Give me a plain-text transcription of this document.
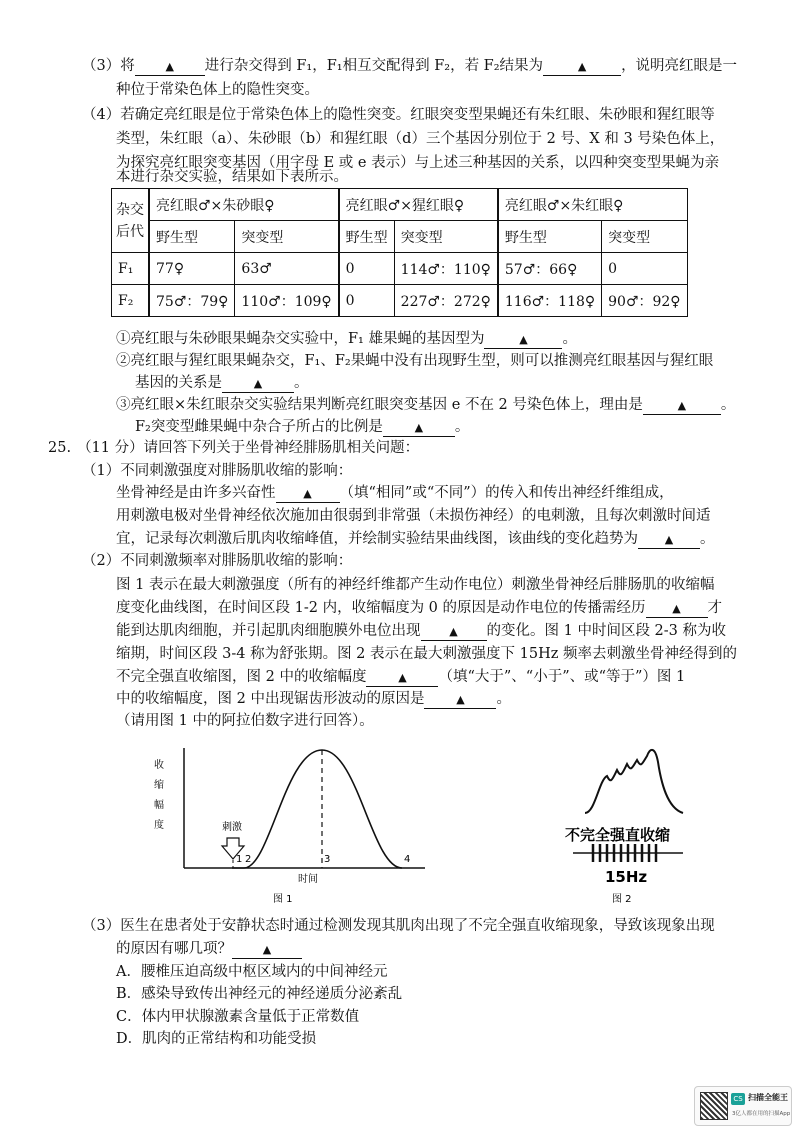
（3）将	▲ 进行杂交得到 F₁，F₁相互交配得到 F₂，若 F₂结果为	▲ ，说明亮红眼是一
种位于常染色体上的隐性突变。
（4）若确定亮红眼是位于常染色体上的隐性突变。红眼突变型果蝇还有朱红眼、朱砂眼和猩红眼等
类型，朱红眼（a）、朱砂眼（b）和猩红眼（d）三个基因分别位于 2 号、X 和 3 号染色体上，
为探究亮红眼突变基因（用字母 E 或 e 表示）与上述三种基因的关系，以四种突变型果蝇为亲
本进行杂交实验，结果如下表所示。
杂交
后代	亮红眼♂×朱砂眼♀		亮红眼♂×猩红眼♀		亮红眼♂×朱红眼♀	
	野生型	突变型	野生型	突变型	野生型	突变型
F₁	77♀	63♂	0	114♂：110♀	57♂：66♀	0
F₂	75♂：79♀	110♂：109♀	0	227♂：272♀	116♂：118♀	90♂：92♀
①亮红眼与朱砂眼果蝇杂交实验中，F₁ 雄果蝇的基因型为	▲ 。
②亮红眼与猩红眼果蝇杂交，F₁、F₂果蝇中没有出现野生型，则可以推测亮红眼基因与猩红眼
基因的关系是	▲ 。
③亮红眼×朱红眼杂交实验结果判断亮红眼突变基因 e 不在 2 号染色体上，理由是	▲ 。
F₂突变型雌果蝇中杂合子所占的比例是	▲ 。
25. （11 分）请回答下列关于坐骨神经腓肠肌相关问题：
（1）不同刺激强度对腓肠肌收缩的影响：
坐骨神经是由许多兴奋性	▲ （填“相同”或“不同”）的传入和传出神经纤维组成，
用刺激电极对坐骨神经依次施加由很弱到非常强（未损伤神经）的电刺激，且每次刺激时间适
宜，记录每次刺激后肌肉收缩峰值，并绘制实验结果曲线图，该曲线的变化趋势为 ▲ 。
（2）不同刺激频率对腓肠肌收缩的影响：
图 1 表示在最大刺激强度（所有的神经纤维都产生动作电位）刺激坐骨神经后腓肠肌的收缩幅
度变化曲线图，在时间区段 1-2 内，收缩幅度为 0 的原因是动作电位的传播需经历 ▲ 才
能到达肌肉细胞，并引起肌肉细胞膜外电位出现	▲ 的变化。图 1 中时间区段 2-3 称为收
缩期，时间区段 3-4 称为舒张期。图 2 表示在最大刺激强度下 15Hz 频率去刺激坐骨神经得到的
不完全强直收缩图，图 2 中的收缩幅度	▲ （填“大于”、“小于”、或“等于”）图 1
中的收缩幅度，图 2 中出现锯齿形波动的原因是	▲ 。
（请用图 1 中的阿拉伯数字进行回答）。
刺激
收
缩
幅
度
1 2	3	4
时间
图 1
不完全强直收缩
15Hz
图 2
（3）医生在患者处于安静状态时通过检测发现其肌肉出现了不完全强直收缩现象，导致该现象出现
的原因有哪几项？	▲
A．腰椎压迫高级中枢区域内的中间神经元
B．感染导致传出神经元的神经递质分泌紊乱
C．体内甲状腺激素含量低于正常数值
D．肌肉的正常结构和功能受损
CS 扫描全能王
3亿人都在用的扫描App
